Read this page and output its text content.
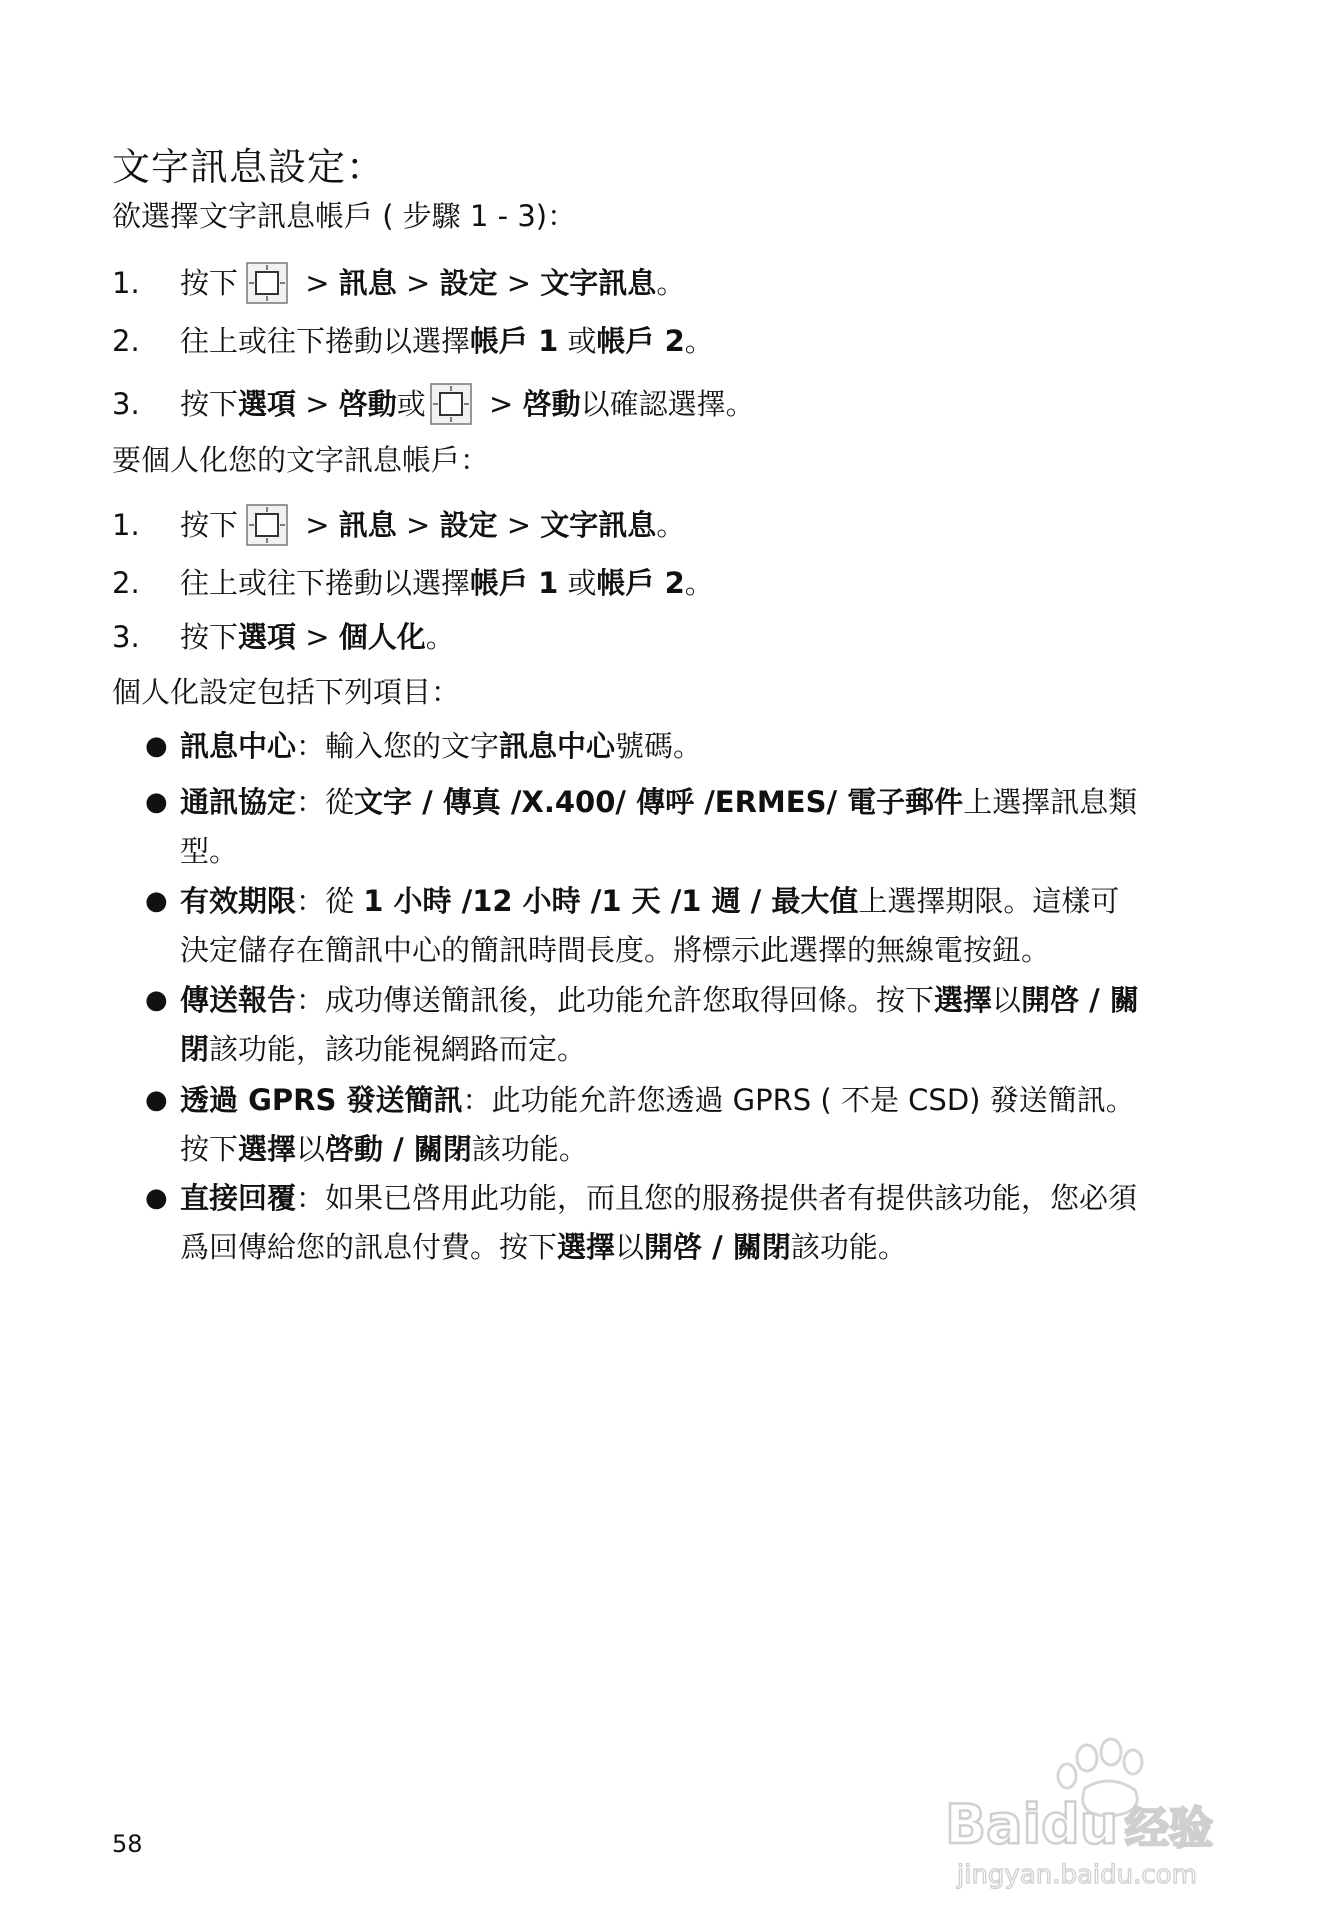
文字訊息設定：

欲選擇文字訊息帳戶 ( 步驟 1 - 3)：

1.	按下 > 訊息 > 設定 > 文字訊息 。
2.	往上或往下捲動以選擇 帳戶 1 或 帳戶 2 。
3.	按下 選項 > 啓動 或 > 啓動 以確認選擇。

要個人化您的文字訊息帳戶：

1.	按下 > 訊息 > 設定 > 文字訊息 。
2.	往上或往下捲動以選擇 帳戶 1 或 帳戶 2 。
3.	按下 選項 > 個人化 。

個人化設定包括下列項目：

● 訊息中心：輸入您的文字訊息中心號碼。
● 通訊協定：從文字 / 傳真 /X.400/ 傳呼 /ERMES/ 電子郵件上選擇訊息類型。
● 有效期限：從 1 小時 /12 小時 /1 天 /1 週 / 最大值上選擇期限。這樣可決定儲存在簡訊中心的簡訊時間長度。將標示此選擇的無線電按鈕。
● 傳送報告：成功傳送簡訊後，此功能允許您取得回條。按下選擇以開啓 / 關閉該功能，該功能視網路而定。
● 透過 GPRS 發送簡訊：此功能允許您透過 GPRS ( 不是 CSD) 發送簡訊。按下選擇以啓動 / 關閉該功能。
● 直接回覆：如果已啓用此功能，而且您的服務提供者有提供該功能，您必須爲回傳給您的訊息付費。按下選擇以開啓 / 關閉該功能。
58	Baidu 经验
jingyan.baidu.com
